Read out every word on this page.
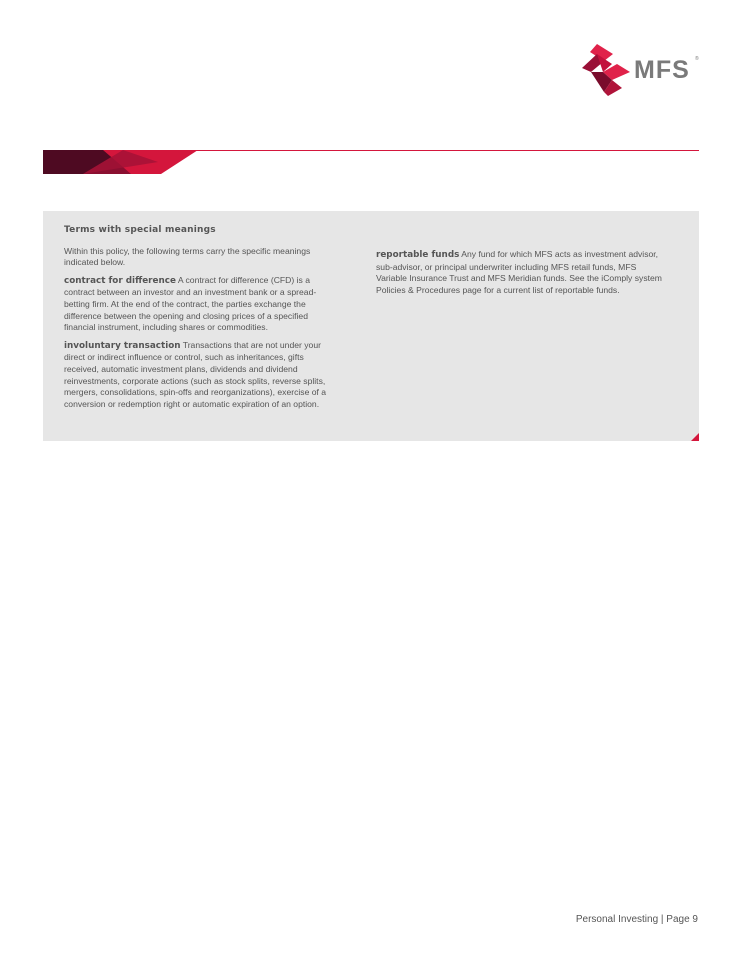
MFS ®
Terms with special meanings

Within this policy, the following terms carry the specific meanings indicated below.

contract for difference A contract for difference (CFD) is a contract between an investor and an investment bank or a spread-betting firm. At the end of the contract, the parties exchange the difference between the opening and closing prices of a specified financial instrument, including shares or commodities.

involuntary transaction Transactions that are not under your direct or indirect influence or control, such as inheritances, gifts received, automatic investment plans, dividends and dividend reinvestments, corporate actions (such as stock splits, reverse splits, mergers, consolidations, spin-offs and reorganizations), exercise of a conversion or redemption right or automatic expiration of an option.

reportable funds Any fund for which MFS acts as investment advisor, sub-advisor, or principal underwriter including MFS retail funds, MFS Variable Insurance Trust and MFS Meridian funds. See the iComply system Policies & Procedures page for a current list of reportable funds.

Personal Investing | Page 9
